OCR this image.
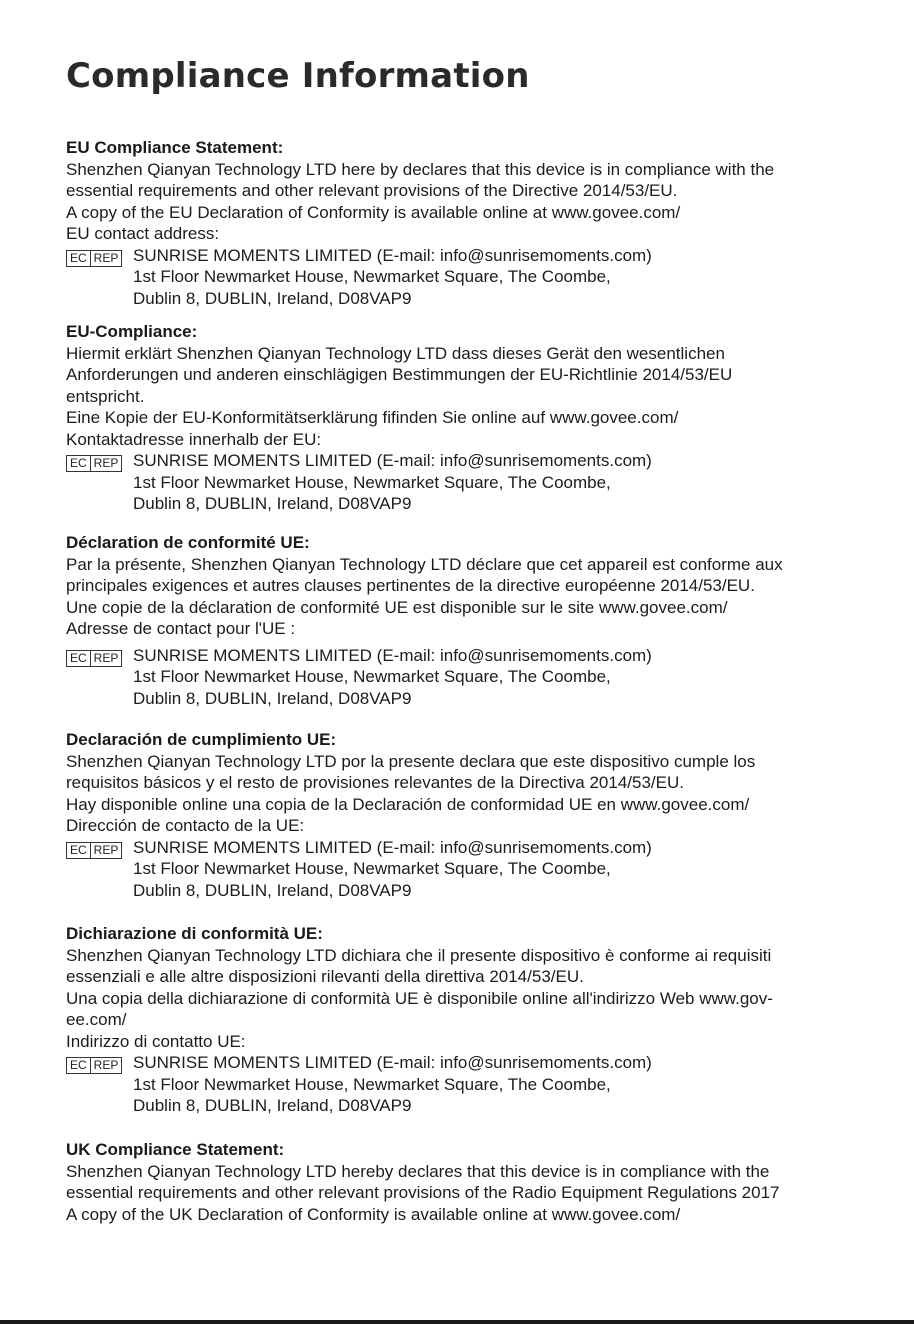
Compliance Information
EU Compliance Statement:
Shenzhen Qianyan Technology LTD here by declares that this device is in compliance with the
essential requirements and other relevant provisions of the Directive 2014/53/EU.
A copy of the EU Declaration of Conformity is available online at www.govee.com/
EU contact address:
EC REP SUNRISE MOMENTS LIMITED (E-mail: info@sunrisemoments.com)
1st Floor Newmarket House, Newmarket Square, The Coombe,
Dublin 8, DUBLIN, Ireland, D08VAP9
EU-Compliance:
Hiermit erklärt Shenzhen Qianyan Technology LTD dass dieses Gerät den wesentlichen
Anforderungen und anderen einschlägigen Bestimmungen der EU-Richtlinie 2014/53/EU
entspricht.
Eine Kopie der EU-Konformitätserklärung fifinden Sie online auf www.govee.com/
Kontaktadresse innerhalb der EU:
EC REP SUNRISE MOMENTS LIMITED (E-mail: info@sunrisemoments.com)
1st Floor Newmarket House, Newmarket Square, The Coombe,
Dublin 8, DUBLIN, Ireland, D08VAP9
Déclaration de conformité UE:
Par la présente, Shenzhen Qianyan Technology LTD déclare que cet appareil est conforme aux
principales exigences et autres clauses pertinentes de la directive européenne 2014/53/EU.
Une copie de la déclaration de conformité UE est disponible sur le site www.govee.com/
Adresse de contact pour l'UE :
EC REP SUNRISE MOMENTS LIMITED (E-mail: info@sunrisemoments.com)
1st Floor Newmarket House, Newmarket Square, The Coombe,
Dublin 8, DUBLIN, Ireland, D08VAP9
Declaración de cumplimiento UE:
Shenzhen Qianyan Technology LTD por la presente declara que este dispositivo cumple los
requisitos básicos y el resto de provisiones relevantes de la Directiva 2014/53/EU.
Hay disponible online una copia de la Declaración de conformidad UE en www.govee.com/
Dirección de contacto de la UE:
EC REP SUNRISE MOMENTS LIMITED (E-mail: info@sunrisemoments.com)
1st Floor Newmarket House, Newmarket Square, The Coombe,
Dublin 8, DUBLIN, Ireland, D08VAP9
Dichiarazione di conformità UE:
Shenzhen Qianyan Technology LTD dichiara che il presente dispositivo è conforme ai requisiti
essenziali e alle altre disposizioni rilevanti della direttiva 2014/53/EU.
Una copia della dichiarazione di conformità UE è disponibile online all'indirizzo Web www.gov-
ee.com/
Indirizzo di contatto UE:
EC REP SUNRISE MOMENTS LIMITED (E-mail: info@sunrisemoments.com)
1st Floor Newmarket House, Newmarket Square, The Coombe,
Dublin 8, DUBLIN, Ireland, D08VAP9
UK Compliance Statement:
Shenzhen Qianyan Technology LTD hereby declares that this device is in compliance with the
essential requirements and other relevant provisions of the Radio Equipment Regulations 2017
A copy of the UK Declaration of Conformity is available online at www.govee.com/
